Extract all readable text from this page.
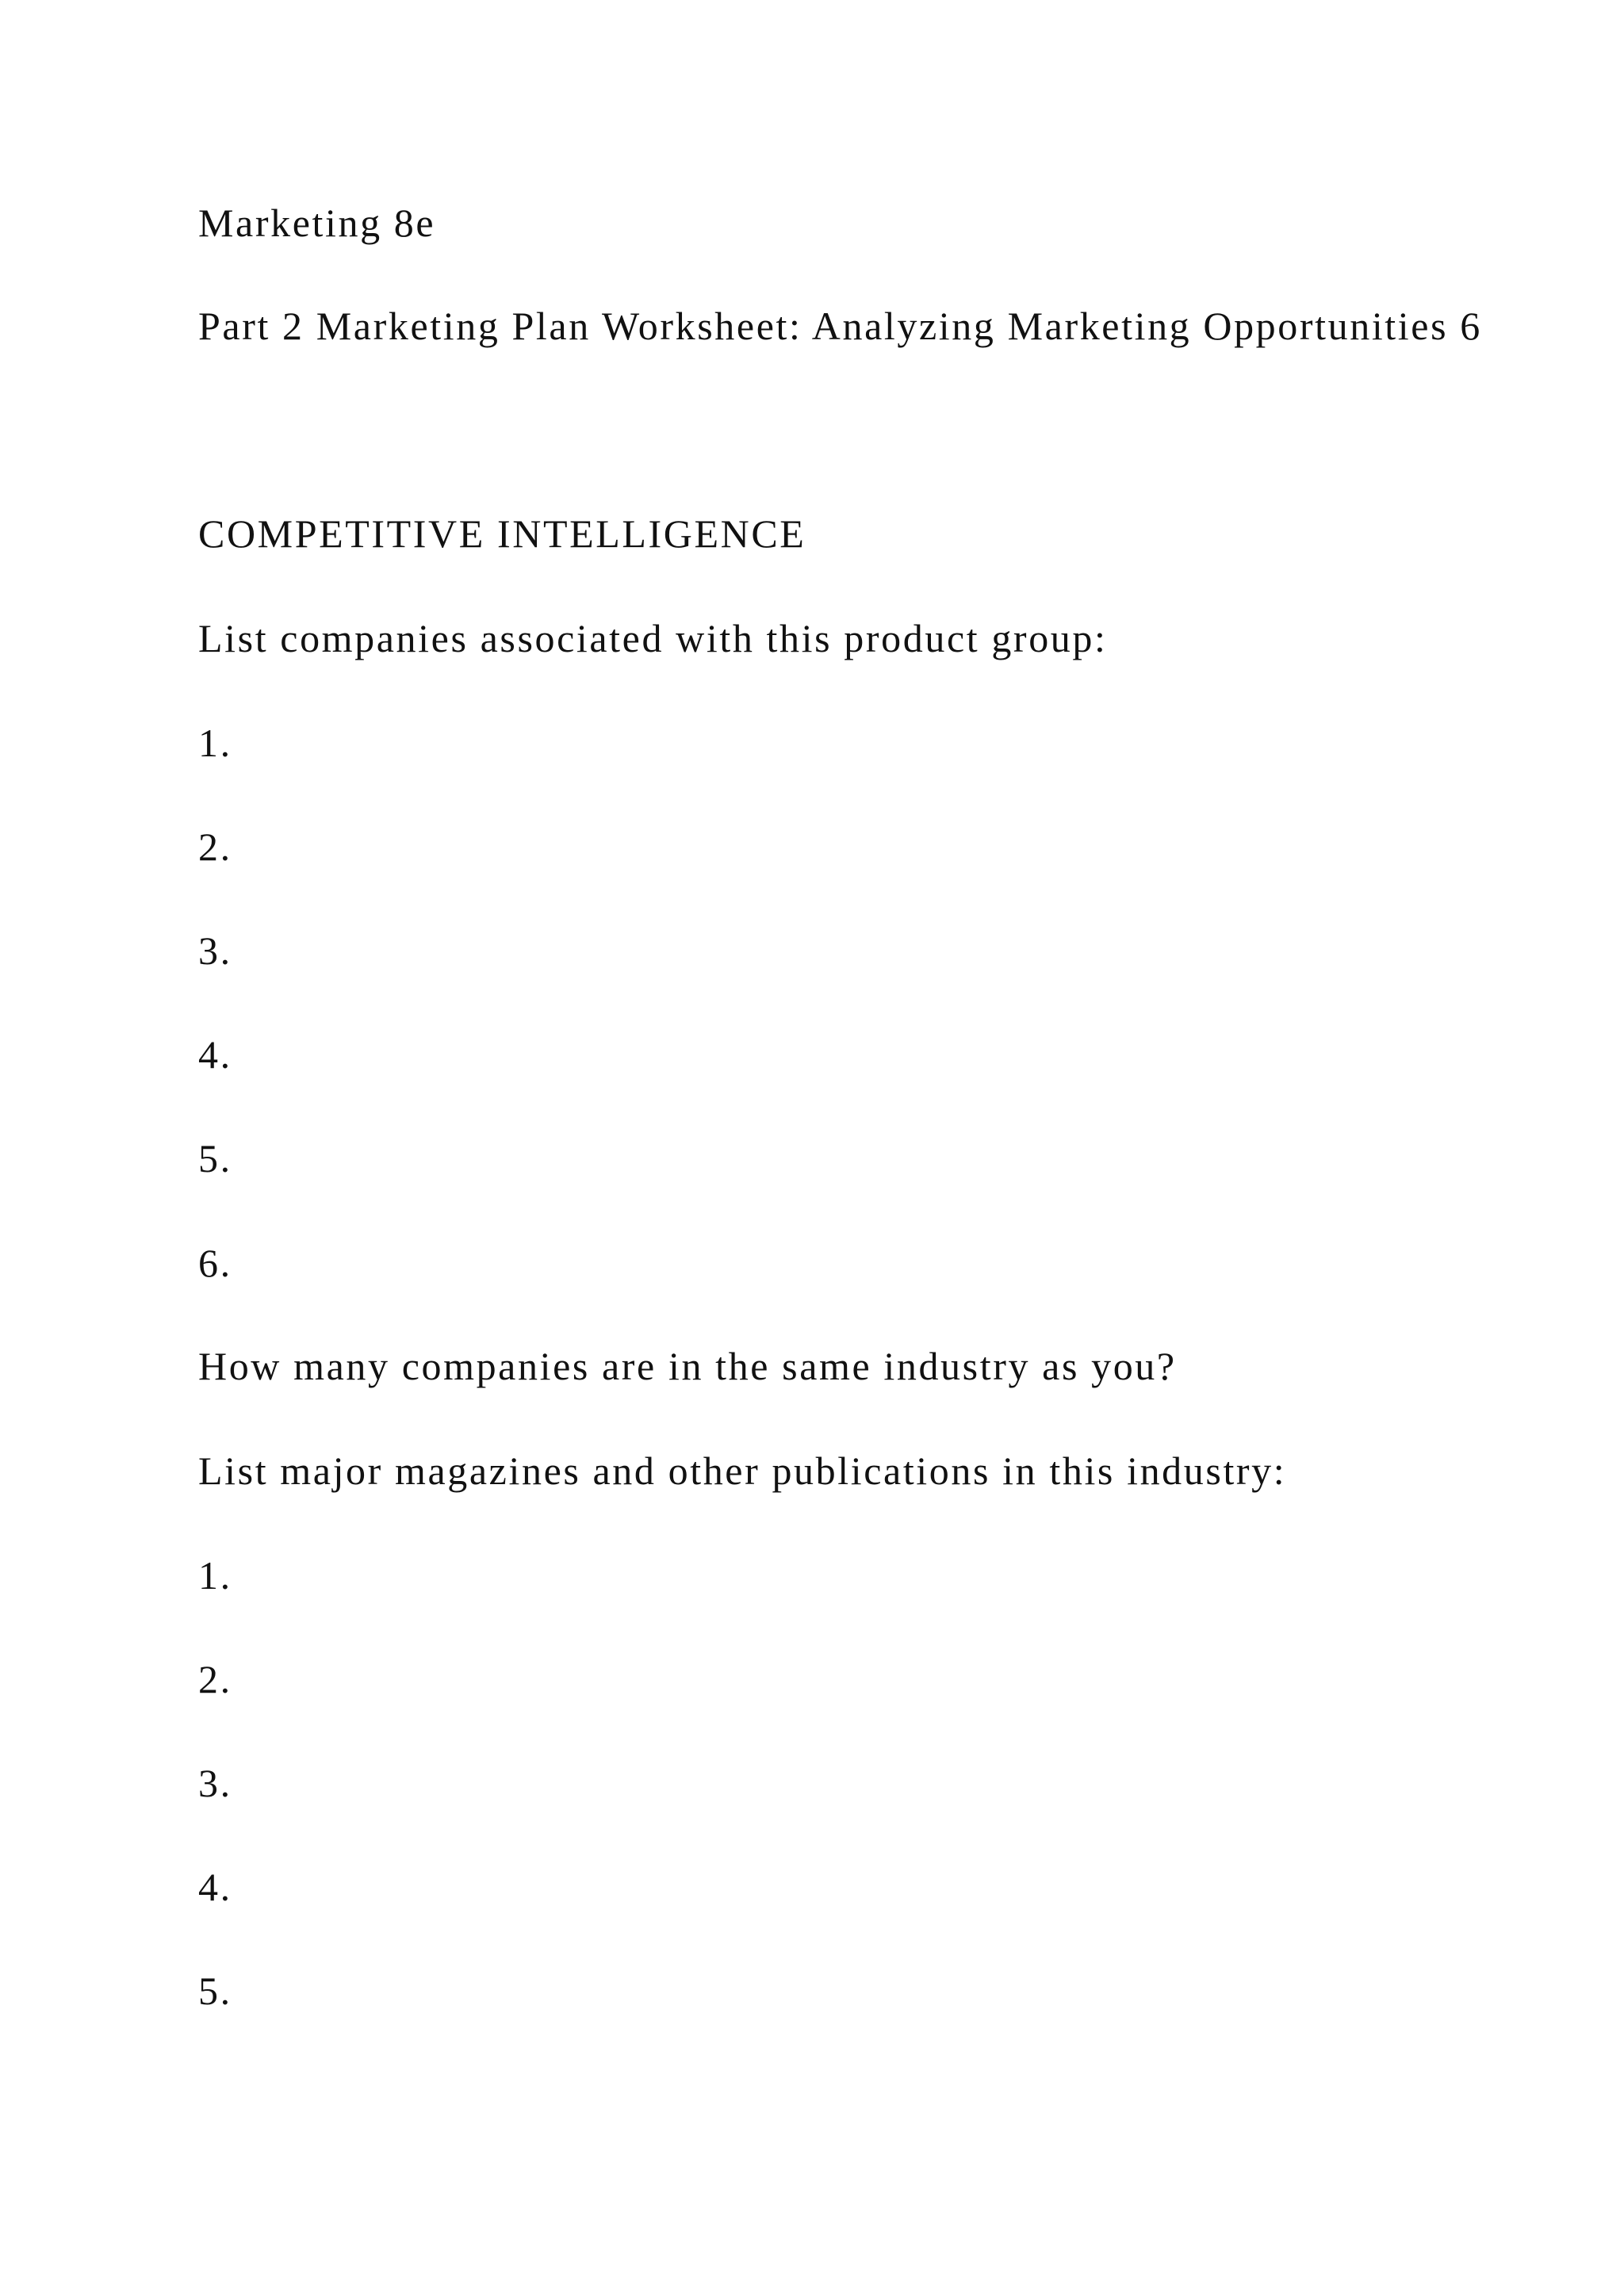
Marketing 8e

Part 2 Marketing Plan Worksheet: Analyzing Marketing Opportunities 6

COMPETITIVE INTELLIGENCE

List companies associated with this product group:

1.

2.

3.

4.

5.

6.

How many companies are in the same industry as you?

List major magazines and other publications in this industry:

1.

2.

3.

4.

5.
